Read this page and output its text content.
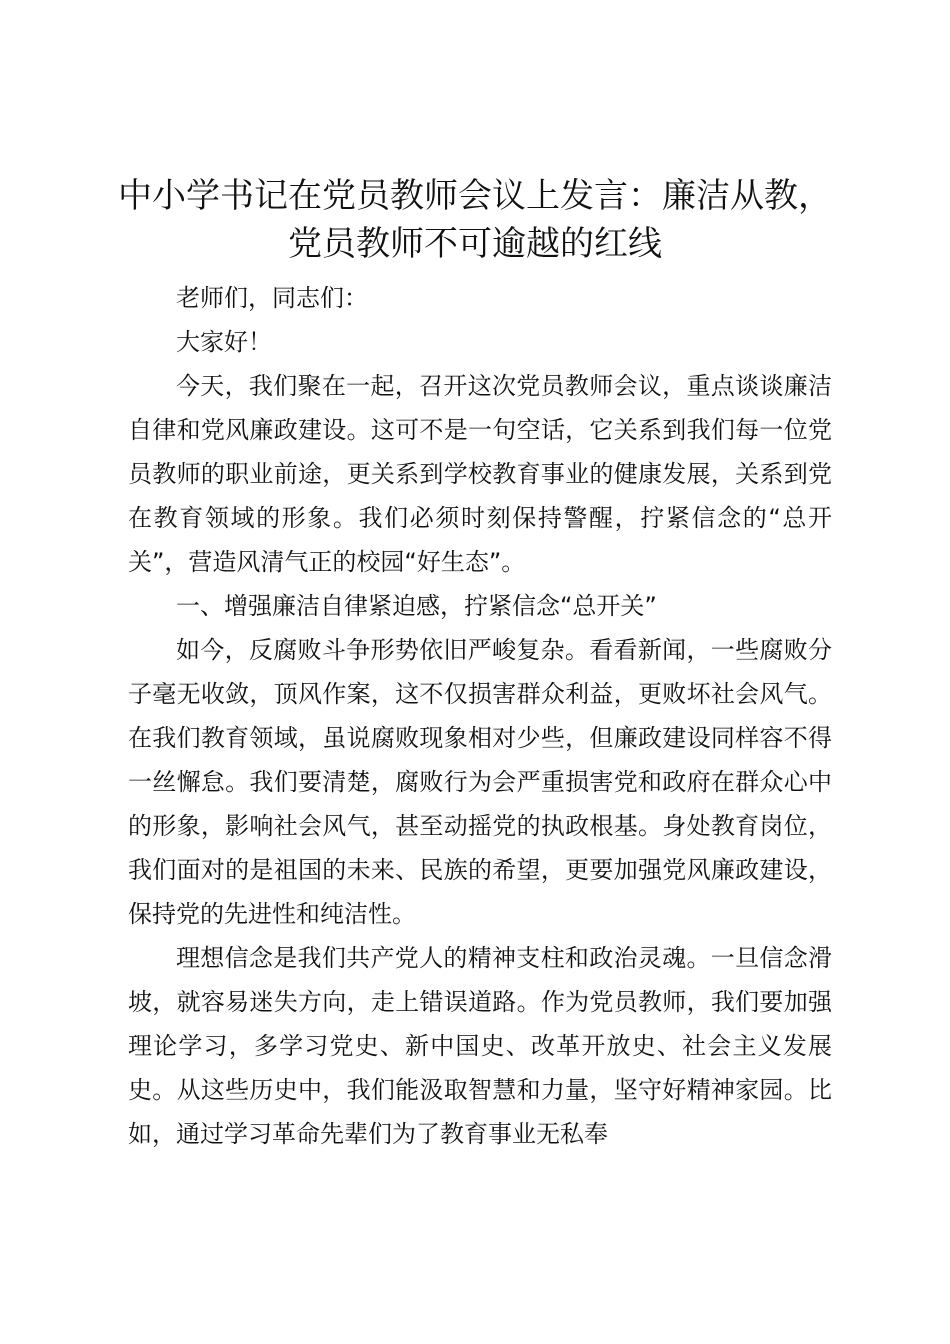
中小学书记在党员教师会议上发言：廉洁从教，
党员教师不可逾越的红线

老师们，同志们：

大家好！

今天，我们聚在一起，召开这次党员教师会议，重点谈谈廉洁自律和党风廉政建设。这可不是一句空话，它关系到我们每一位党员教师的职业前途，更关系到学校教育事业的健康发展，关系到党在教育领域的形象。我们必须时刻保持警醒，拧紧信念的“总开关”，营造风清气正的校园“好生态”。

一、增强廉洁自律紧迫感，拧紧信念“总开关”

如今，反腐败斗争形势依旧严峻复杂。看看新闻，一些腐败分子毫无收敛，顶风作案，这不仅损害群众利益，更败坏社会风气。在我们教育领域，虽说腐败现象相对少些，但廉政建设同样容不得一丝懈怠。我们要清楚，腐败行为会严重损害党和政府在群众心中的形象，影响社会风气，甚至动摇党的执政根基。身处教育岗位，我们面对的是祖国的未来、民族的希望，更要加强党风廉政建设，保持党的先进性和纯洁性。

理想信念是我们共产党人的精神支柱和政治灵魂。一旦信念滑坡，就容易迷失方向，走上错误道路。作为党员教师，我们要加强理论学习，多学习党史、新中国史、改革开放史、社会主义发展史。从这些历史中，我们能汲取智慧和力量，坚守好精神家园。比如，通过学习革命先辈们为了教育事业无私奉
